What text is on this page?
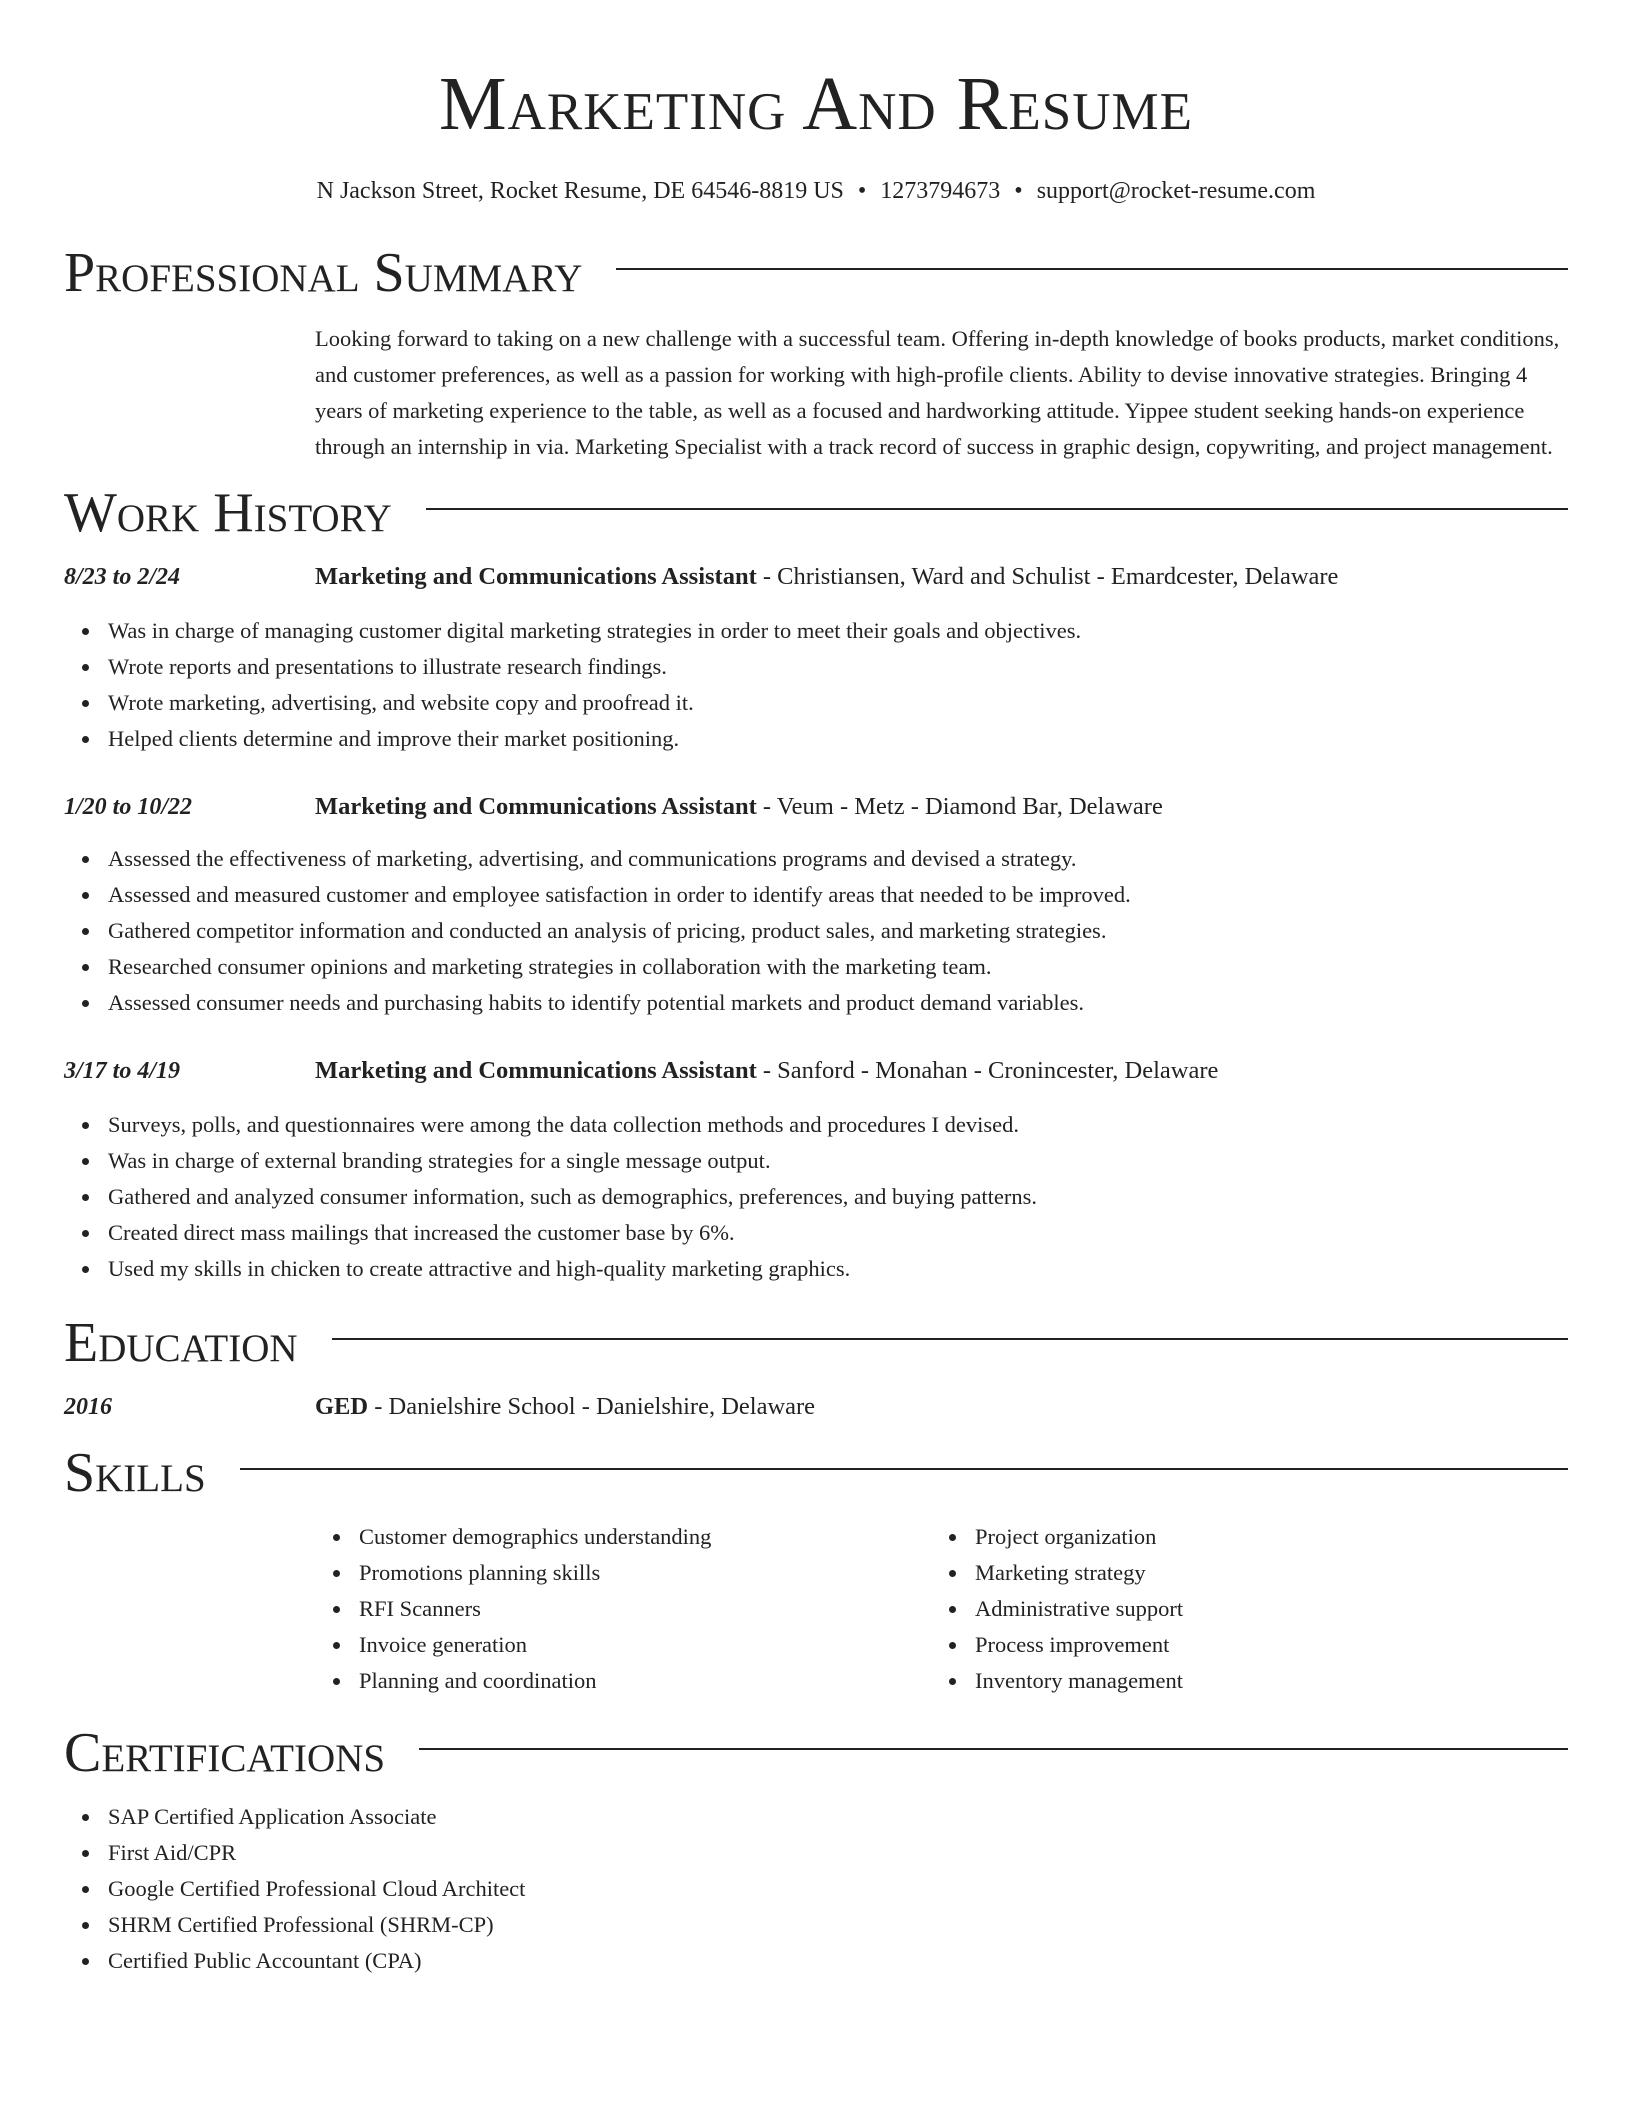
Marketing And Resume
N Jackson Street, Rocket Resume, DE 64546-8819 US • 1273794673 • support@rocket-resume.com
Professional Summary

Looking forward to taking on a new challenge with a successful team. Offering in-depth knowledge of books products, market conditions, and customer preferences, as well as a passion for working with high-profile clients. Ability to devise innovative strategies. Bringing 4 years of marketing experience to the table, as well as a focused and hardworking attitude. Yippee student seeking hands-on experience through an internship in via. Marketing Specialist with a track record of success in graphic design, copywriting, and project management.

Work History
8/23 to 2/24	Marketing and Communications Assistant - Christiansen, Ward and Schulist - Emardcester, Delaware
Was in charge of managing customer digital marketing strategies in order to meet their goals and objectives.
Wrote reports and presentations to illustrate research findings.
Wrote marketing, advertising, and website copy and proofread it.
Helped clients determine and improve their market positioning.
1/20 to 10/22	Marketing and Communications Assistant - Veum - Metz - Diamond Bar, Delaware
Assessed the effectiveness of marketing, advertising, and communications programs and devised a strategy.
Assessed and measured customer and employee satisfaction in order to identify areas that needed to be improved.
Gathered competitor information and conducted an analysis of pricing, product sales, and marketing strategies.
Researched consumer opinions and marketing strategies in collaboration with the marketing team.
Assessed consumer needs and purchasing habits to identify potential markets and product demand variables.
3/17 to 4/19	Marketing and Communications Assistant - Sanford - Monahan - Cronincester, Delaware
Surveys, polls, and questionnaires were among the data collection methods and procedures I devised.
Was in charge of external branding strategies for a single message output.
Gathered and analyzed consumer information, such as demographics, preferences, and buying patterns.
Created direct mass mailings that increased the customer base by 6%.
Used my skills in chicken to create attractive and high-quality marketing graphics.
Education
2016	GED - Danielshire School - Danielshire, Delaware
Skills
Customer demographics understanding
Promotions planning skills
RFI Scanners
Invoice generation
Planning and coordination
Project organization
Marketing strategy
Administrative support
Process improvement
Inventory management
Certifications
SAP Certified Application Associate
First Aid/CPR
Google Certified Professional Cloud Architect
SHRM Certified Professional (SHRM-CP)
Certified Public Accountant (CPA)
